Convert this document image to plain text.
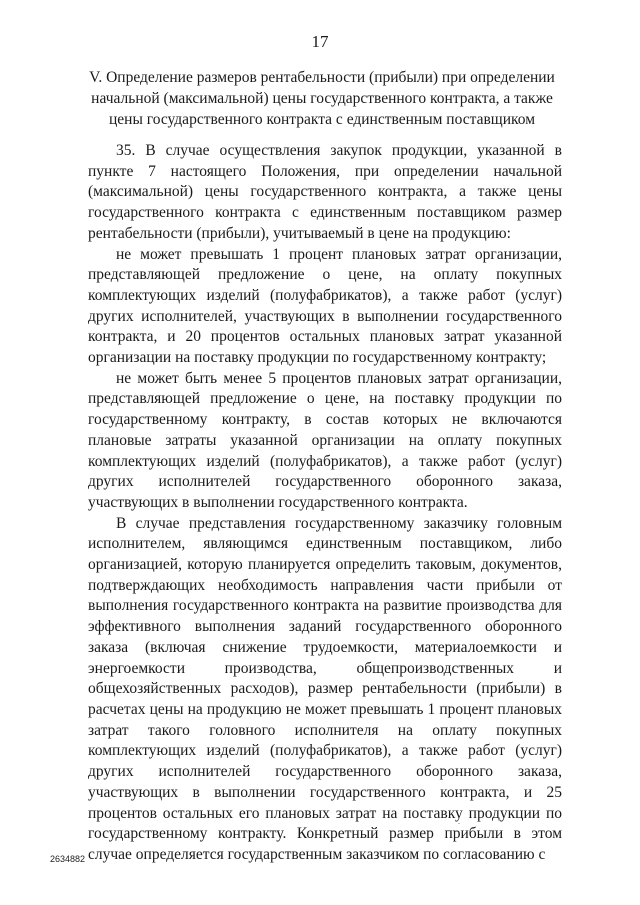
17
V. Определение размеров рентабельности (прибыли) при определении начальной (максимальной) цены государственного контракта, а также цены государственного контракта с единственным поставщиком

35. В случае осуществления закупок продукции, указанной в пункте 7 настоящего Положения, при определении начальной (максимальной) цены государственного контракта, а также цены государственного контракта с единственным поставщиком размер рентабельности (прибыли), учитываемый в цене на продукцию:

не может превышать 1 процент плановых затрат организации, представляющей предложение о цене, на оплату покупных комплектующих изделий (полуфабрикатов), а также работ (услуг) других исполнителей, участвующих в выполнении государственного контракта, и 20 процентов остальных плановых затрат указанной организации на поставку продукции по государственному контракту;

не может быть менее 5 процентов плановых затрат организации, представляющей предложение о цене, на поставку продукции по государственному контракту, в состав которых не включаются плановые затраты указанной организации на оплату покупных комплектующих изделий (полуфабрикатов), а также работ (услуг) других исполнителей государственного оборонного заказа, участвующих в выполнении государственного контракта.

В случае представления государственному заказчику головным исполнителем, являющимся единственным поставщиком, либо организацией, которую планируется определить таковым, документов, подтверждающих необходимость направления части прибыли от выполнения государственного контракта на развитие производства для эффективного выполнения заданий государственного оборонного заказа (включая снижение трудоемкости, материалоемкости и энергоемкости производства, общепроизводственных и общехозяйственных расходов), размер рентабельности (прибыли) в расчетах цены на продукцию не может превышать 1 процент плановых затрат такого головного исполнителя на оплату покупных комплектующих изделий (полуфабрикатов), а также работ (услуг) других исполнителей государственного оборонного заказа, участвующих в выполнении государственного контракта, и 25 процентов остальных его плановых затрат на поставку продукции по государственному контракту. Конкретный размер прибыли в этом случае определяется государственным заказчиком по согласованию с

2634882
